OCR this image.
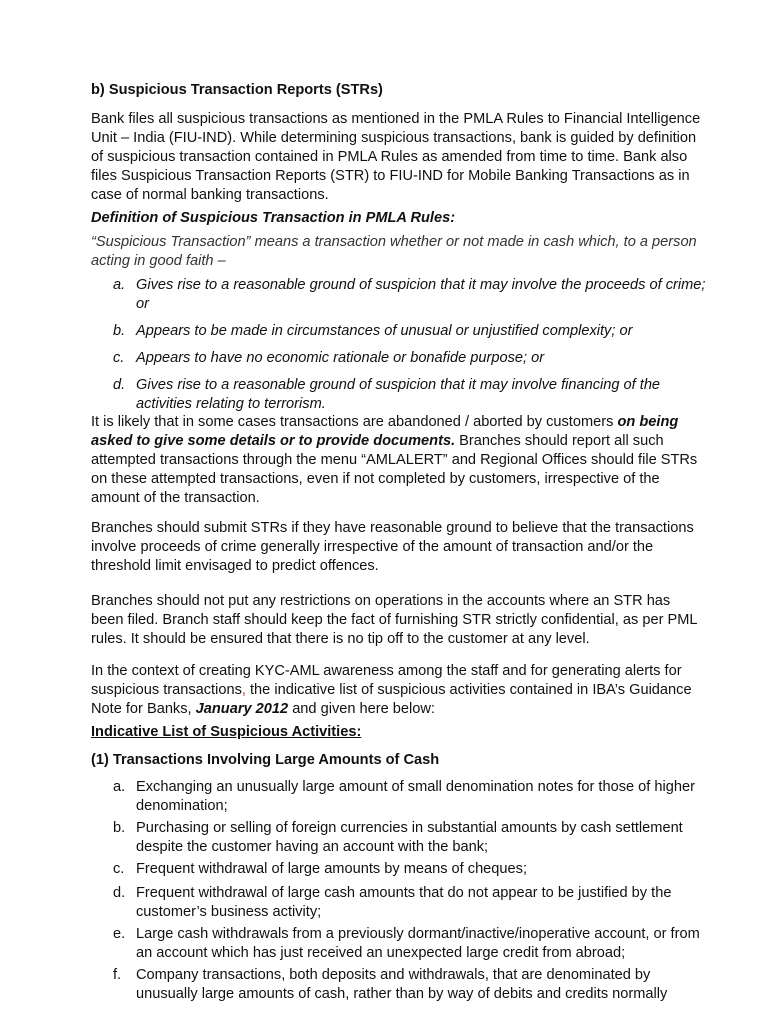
b) Suspicious Transaction Reports (STRs)

Bank files all suspicious transactions as mentioned in the PMLA Rules to Financial Intelligence Unit – India (FIU-IND). While determining suspicious transactions, bank is guided by definition of suspicious transaction contained in PMLA Rules as amended from time to time. Bank also files Suspicious Transaction Reports (STR) to FIU-IND for Mobile Banking Transactions as in case of normal banking transactions.

Definition of Suspicious Transaction in PMLA Rules:

“Suspicious Transaction” means a transaction whether or not made in cash which, to a person acting in good faith –

a. Gives rise to a reasonable ground of suspicion that it may involve the proceeds of crime; or
b. Appears to be made in circumstances of unusual or unjustified complexity; or
c. Appears to have no economic rationale or bonafide purpose; or
d. Gives rise to a reasonable ground of suspicion that it may involve financing of the activities relating to terrorism.

It is likely that in some cases transactions are abandoned / aborted by customers on being asked to give some details or to provide documents. Branches should report all such attempted transactions through the menu “AMLALERT” and Regional Offices should file STRs on these attempted transactions, even if not completed by customers, irrespective of the amount of the transaction.

Branches should submit STRs if they have reasonable ground to believe that the transactions involve proceeds of crime generally irrespective of the amount of transaction and/or the threshold limit envisaged to predict offences.

Branches should not put any restrictions on operations in the accounts where an STR has been filed. Branch staff should keep the fact of furnishing STR strictly confidential, as per PML rules. It should be ensured that there is no tip off to the customer at any level.

In the context of creating KYC-AML awareness among the staff and for generating alerts for suspicious transactions, the indicative list of suspicious activities contained in IBA’s Guidance Note for Banks, January 2012 and given here below:

Indicative List of Suspicious Activities:

(1) Transactions Involving Large Amounts of Cash

a. Exchanging an unusually large amount of small denomination notes for those of higher denomination;
b. Purchasing or selling of foreign currencies in substantial amounts by cash settlement despite the customer having an account with the bank;
c. Frequent withdrawal of large amounts by means of cheques;
d. Frequent withdrawal of large cash amounts that do not appear to be justified by the customer’s business activity;
e. Large cash withdrawals from a previously dormant/inactive/inoperative account, or from an account which has just received an unexpected large credit from abroad;
f. Company transactions, both deposits and withdrawals, that are denominated by unusually large amounts of cash, rather than by way of debits and credits normally
